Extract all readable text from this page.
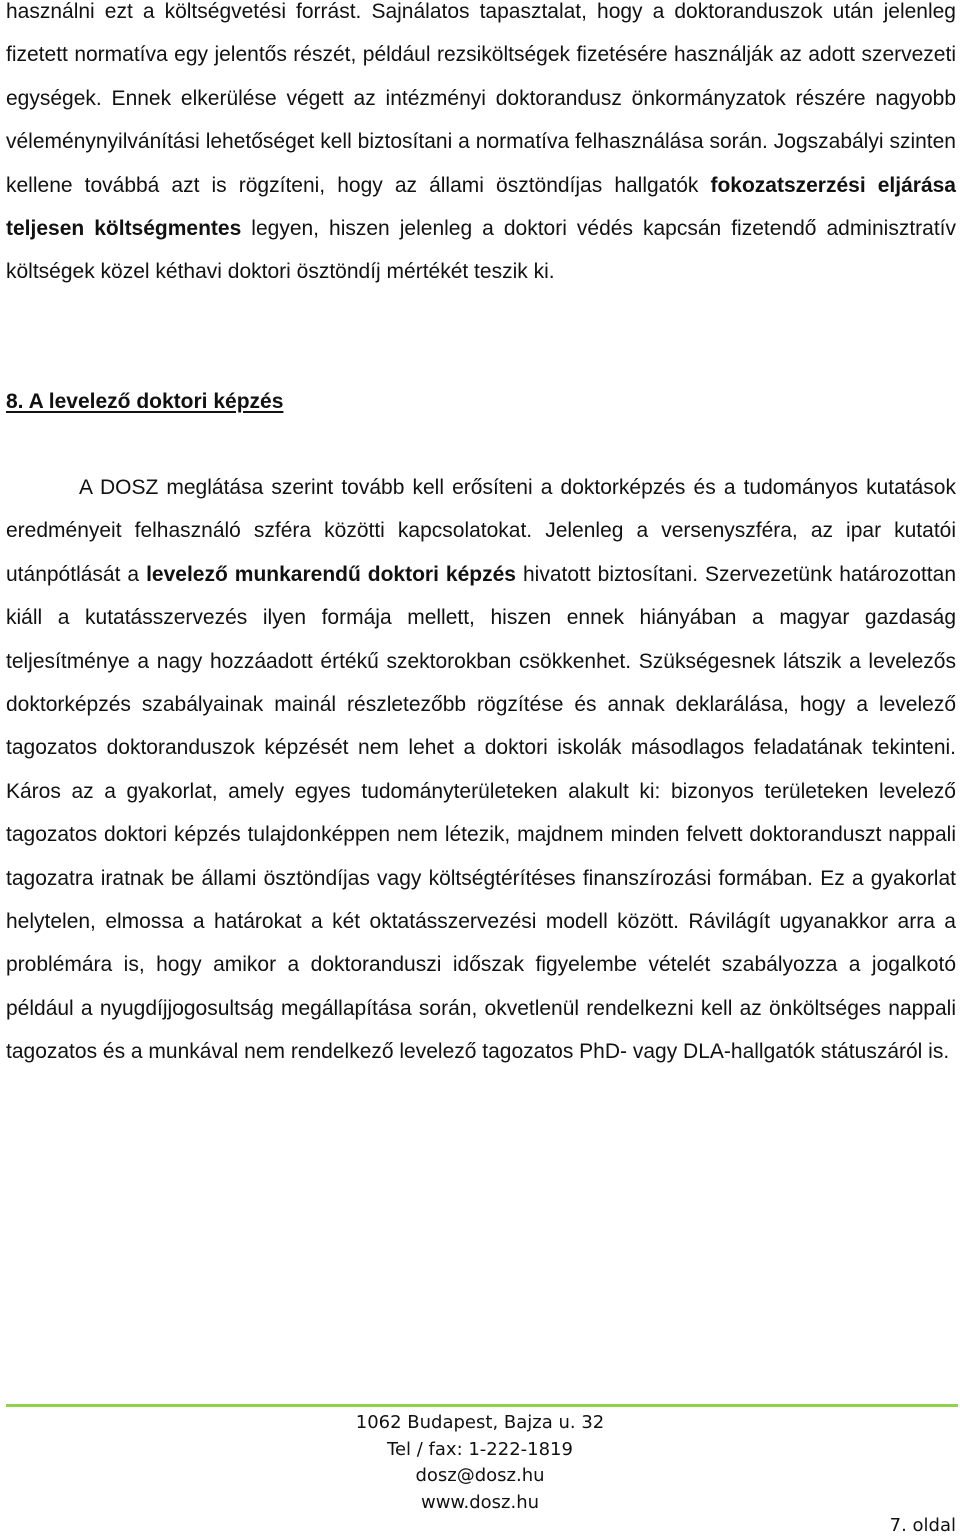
használni ezt a költségvetési forrást. Sajnálatos tapasztalat, hogy a doktoranduszok után jelenleg fizetett normatíva egy jelentős részét, például rezsiköltségek fizetésére használják az adott szervezeti egységek. Ennek elkerülése végett az intézményi doktorandusz önkormányzatok részére nagyobb véleménynyilvánítási lehetőséget kell biztosítani a normatíva felhasználása során. Jogszabályi szinten kellene továbbá azt is rögzíteni, hogy az állami ösztöndíjas hallgatók fokozatszerzési eljárása teljesen költségmentes legyen, hiszen jelenleg a doktori védés kapcsán fizetendő adminisztratív költségek közel kéthavi doktori ösztöndíj mértékét teszik ki.

8. A levelező doktori képzés

A DOSZ meglátása szerint tovább kell erősíteni a doktorképzés és a tudományos kutatások eredményeit felhasználó szféra közötti kapcsolatokat. Jelenleg a versenyszféra, az ipar kutatói utánpótlását a levelező munkarendű doktori képzés hivatott biztosítani. Szervezetünk határozottan kiáll a kutatásszervezés ilyen formája mellett, hiszen ennek hiányában a magyar gazdaság teljesítménye a nagy hozzáadott értékű szektorokban csökkenhet. Szükségesnek látszik a levelezős doktorképzés szabályainak mainál részletezőbb rögzítése és annak deklarálása, hogy a levelező tagozatos doktoranduszok képzését nem lehet a doktori iskolák másodlagos feladatának tekinteni. Káros az a gyakorlat, amely egyes tudományterületeken alakult ki: bizonyos területeken levelező tagozatos doktori képzés tulajdonképpen nem létezik, majdnem minden felvett doktoranduszt nappali tagozatra iratnak be állami ösztöndíjas vagy költségtérítéses finanszírozási formában. Ez a gyakorlat helytelen, elmossa a határokat a két oktatásszervezési modell között. Rávilágít ugyanakkor arra a problémára is, hogy amikor a doktoranduszi időszak figyelembe vételét szabályozza a jogalkotó például a nyugdíjjogosultság megállapítása során, okvetlenül rendelkezni kell az önköltséges nappali tagozatos és a munkával nem rendelkező levelező tagozatos PhD- vagy DLA-hallgatók státuszáról is.

1062 Budapest, Bajza u. 32
Tel / fax: 1-222-1819
dosz@dosz.hu
www.dosz.hu
7. oldal
